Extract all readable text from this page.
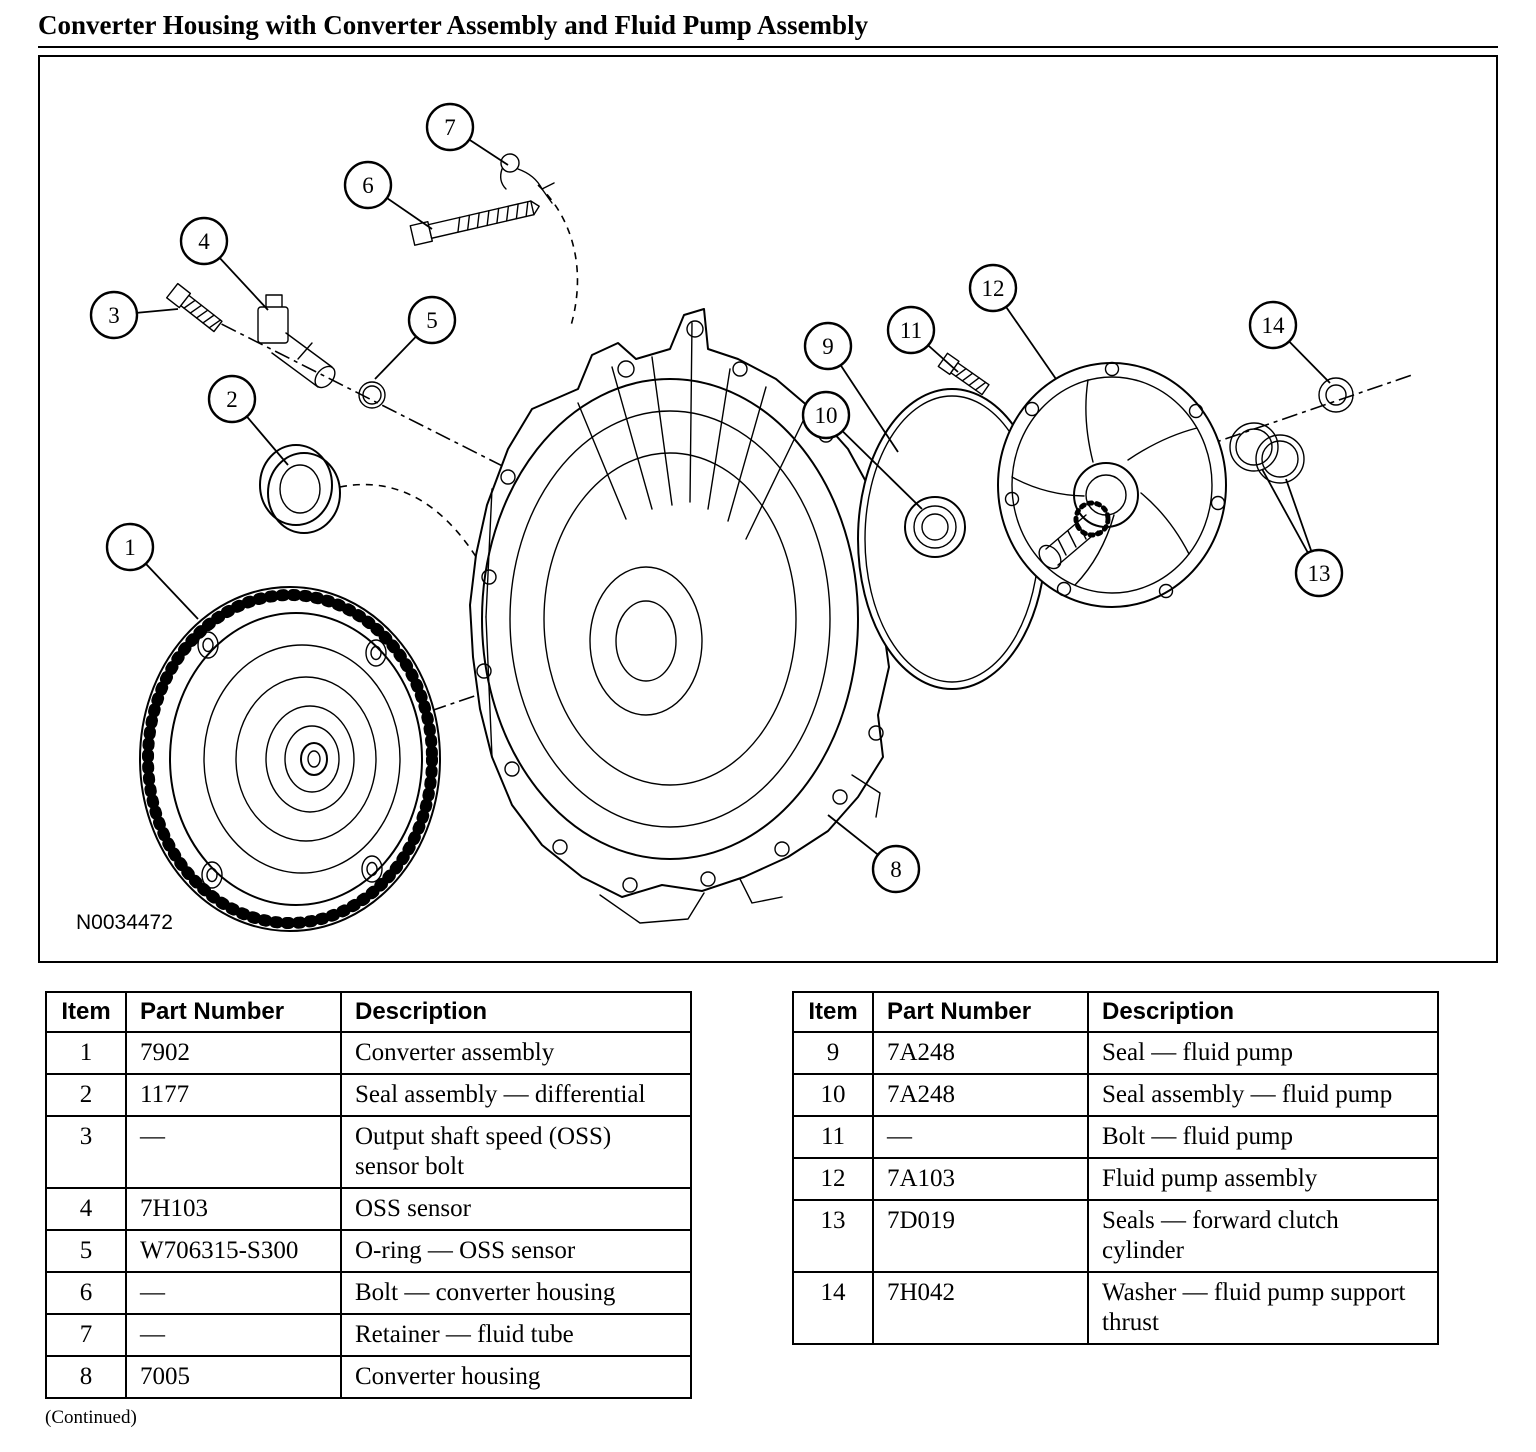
Converter Housing with Converter Assembly and Fluid Pump Assembly
1
2
3
4
5
6
7
8
9
10
11
12
13
14
N0034472
Item	Part Number	Description
1	7902	Converter assembly
2	1177	Seal assembly — differential
3	—	Output shaft speed (OSS) sensor bolt
4	7H103	OSS sensor
5	W706315-S300	O-ring — OSS sensor
6	—	Bolt — converter housing
7	—	Retainer — fluid tube
8	7005	Converter housing
Item	Part Number	Description
9	7A248	Seal — fluid pump
10	7A248	Seal assembly — fluid pump
11	—	Bolt — fluid pump
12	7A103	Fluid pump assembly
13	7D019	Seals — forward clutch cylinder
14	7H042	Washer — fluid pump support thrust
(Continued)
